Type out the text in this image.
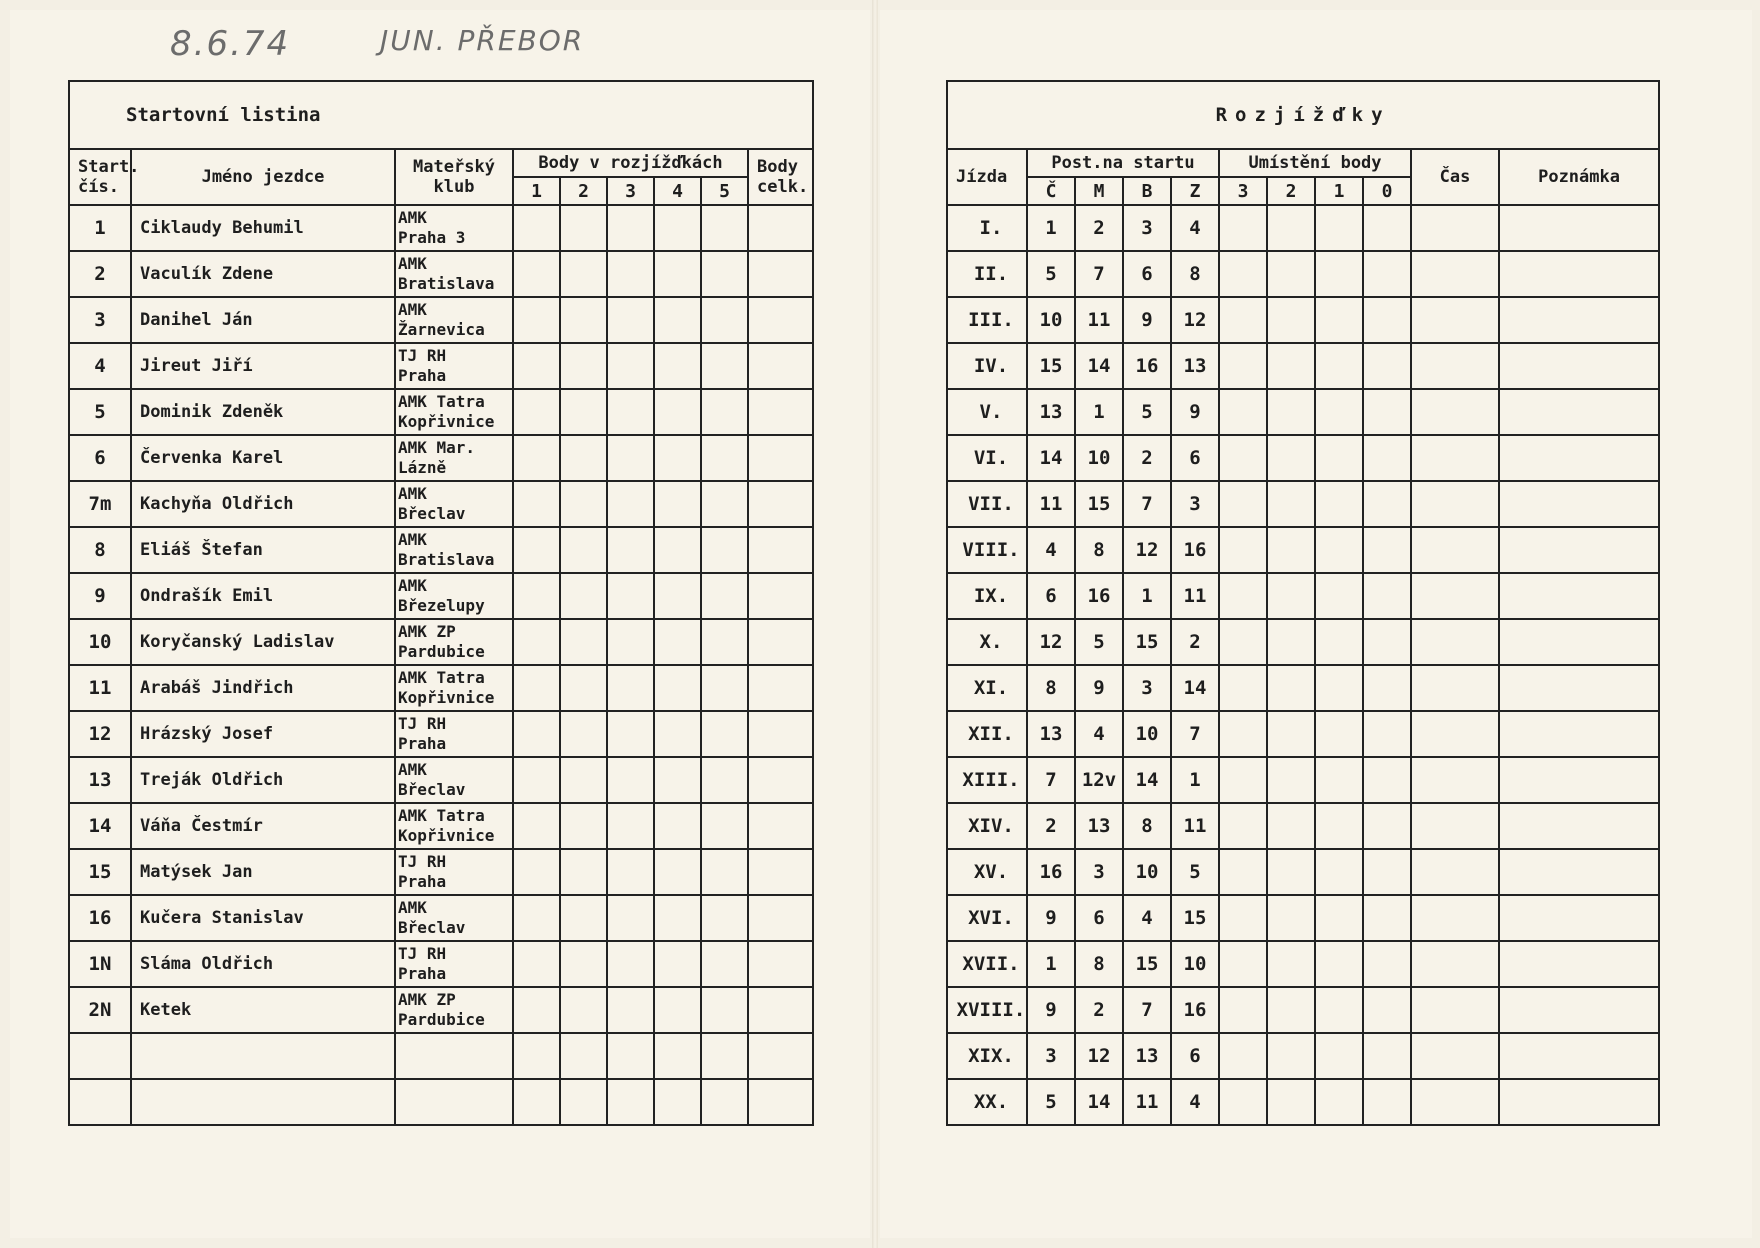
8.6.74	JUN. PŘEBOR
Startovní listina								
Start. čís.	Jméno jezdce	Mateřský klub	Body v rozjížďkách					Body celk.
			1	2	3	4	5	
1	Ciklaudy Behumil	AMK
Praha 3						

2	Vaculík Zdene	AMK
Bratislava						

3	Danihel Ján	AMK
Žarnevica						

4	Jireut Jiří	TJ RH
Praha						

5	Dominik Zdeněk	AMK Tatra
Kopřivnice						

6	Červenka Karel	AMK Mar.
Lázně						

7m	Kachyňa Oldřich	AMK
Břeclav						

8	Eliáš Štefan	AMK
Bratislava						

9	Ondrašík Emil	AMK
Březelupy						

10	Koryčanský Ladislav	AMK ZP
Pardubice						

11	Arabáš Jindřich	AMK Tatra
Kopřivnice						

12	Hrázský Josef	TJ RH
Praha						

13	Treják Oldřich	AMK
Břeclav						

14	Váňa Čestmír	AMK Tatra
Kopřivnice						

15	Matýsek Jan	TJ RH
Praha						

16	Kučera Stanislav	AMK
Břeclav						

1N	Sláma Oldřich	TJ RH
Praha						

2N	Ketek	AMK ZP
Pardubice						

Rozjížďky										
Jízda	Post.na startu				Umístění body				Čas	Poznámka
	Č	M	B	Z	3	2	1	0		
I.	1	2	3	4						
II.	5	7	6	8						
III.	10	11	9	12						
IV.	15	14	16	13						
V.	13	1	5	9						
VI.	14	10	2	6						
VII.	11	15	7	3						
VIII.	4	8	12	16						
IX.	6	16	1	11						
X.	12	5	15	2						
XI.	8	9	3	14						
XII.	13	4	10	7						
XIII.	7	12v	14	1						
XIV.	2	13	8	11						
XV.	16	3	10	5						
XVI.	9	6	4	15						
XVII.	1	8	15	10						
XVIII.	9	2	7	16						
XIX.	3	12	13	6						
XX.	5	14	11	4						
